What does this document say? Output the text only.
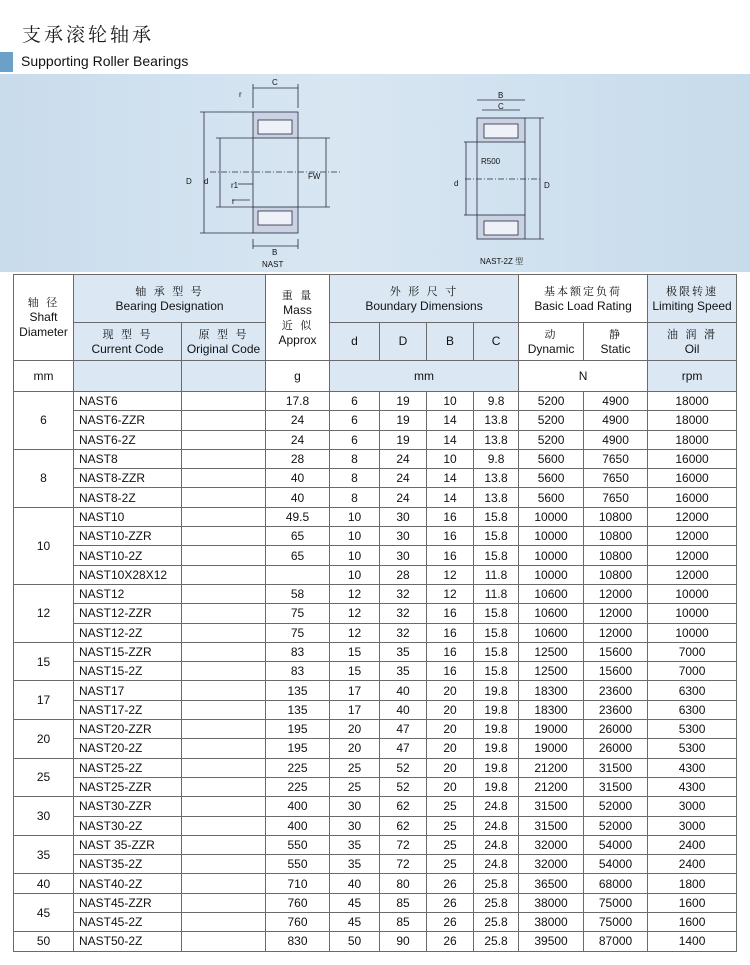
支承滚轮轴承
Supporting Roller Bearings
C
r
D d	r1
r
FW
B
NAST
B
C
R500
d	D
NAST-2Z 型
轴 径
Shaft Diameter	轴 承 型 号
Bearing Designation		重 量
Mass
近 似
Approx	外 形 尺 寸
Boundary Dimensions				基本额定负荷
Basic Load Rating		极限转速
Limiting Speed
	现 型 号
Current Code	原 型 号
Original Code		d	D	B	C	动
Dynamic	静
Static	油 润 滑
Oil
mm			g	mm				N		rpm
6	NAST6		17.8	6	19	10	9.8	5200	4900	18000
	NAST6-ZZR		24	6	19	14	13.8	5200	4900	18000
	NAST6-2Z		24	6	19	14	13.8	5200	4900	18000
8	NAST8		28	8	24	10	9.8	5600	7650	16000
	NAST8-ZZR		40	8	24	14	13.8	5600	7650	16000
	NAST8-2Z		40	8	24	14	13.8	5600	7650	16000
10	NAST10		49.5	10	30	16	15.8	10000	10800	12000
	NAST10-ZZR		65	10	30	16	15.8	10000	10800	12000
	NAST10-2Z		65	10	30	16	15.8	10000	10800	12000
	NAST10X28X12			10	28	12	11.8	10000	10800	12000
12	NAST12		58	12	32	12	11.8	10600	12000	10000
	NAST12-ZZR		75	12	32	16	15.8	10600	12000	10000
	NAST12-2Z		75	12	32	16	15.8	10600	12000	10000
15	NAST15-ZZR		83	15	35	16	15.8	12500	15600	7000
	NAST15-2Z		83	15	35	16	15.8	12500	15600	7000
17	NAST17		135	17	40	20	19.8	18300	23600	6300
	NAST17-2Z		135	17	40	20	19.8	18300	23600	6300
20	NAST20-ZZR		195	20	47	20	19.8	19000	26000	5300
	NAST20-2Z		195	20	47	20	19.8	19000	26000	5300
25	NAST25-2Z		225	25	52	20	19.8	21200	31500	4300
	NAST25-ZZR		225	25	52	20	19.8	21200	31500	4300
30	NAST30-ZZR		400	30	62	25	24.8	31500	52000	3000
	NAST30-2Z		400	30	62	25	24.8	31500	52000	3000
35	NAST 35-ZZR		550	35	72	25	24.8	32000	54000	2400
	NAST35-2Z		550	35	72	25	24.8	32000	54000	2400
40	NAST40-2Z		710	40	80	26	25.8	36500	68000	1800
45	NAST45-ZZR		760	45	85	26	25.8	38000	75000	1600
	NAST45-2Z		760	45	85	26	25.8	38000	75000	1600
50	NAST50-2Z		830	50	90	26	25.8	39500	87000	1400
